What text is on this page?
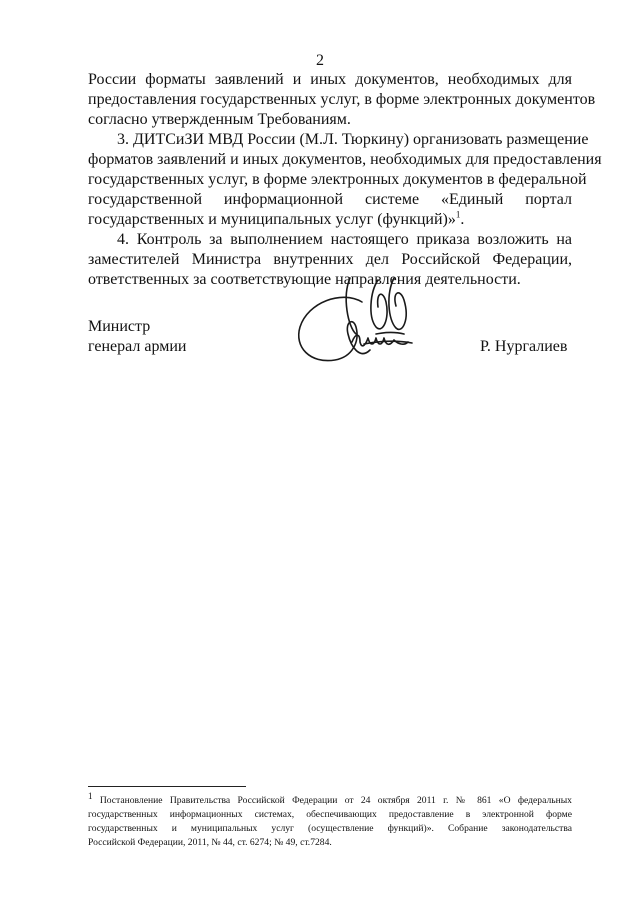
2
России форматы заявлений и иных документов, необходимых для
предоставления государственных услуг, в форме электронных документов
согласно утвержденным Требованиям.
3. ДИТСиЗИ МВД России (М.Л. Тюркину) организовать размещение
форматов заявлений и иных документов, необходимых для предоставления
государственных услуг, в форме электронных документов в федеральной
государственной информационной системе «Единый портал
государственных и муниципальных услуг (функций)»$^1$.
4. Контроль за выполнением настоящего приказа возложить на
заместителей Министра внутренних дел Российской Федерации,
ответственных за соответствующие направления деятельности.
Министр
генерал армии	Р. Нургалиев
$^1$ Постановление Правительства Российской Федерации от 24 октября 2011 г. № 861 «О федеральных
государственных информационных системах, обеспечивающих предоставление в электронной форме
государственных и муниципальных услуг (осуществление функций)». Собрание законодательства
Российской Федерации, 2011, № 44, ст. 6274; № 49, ст.7284.
